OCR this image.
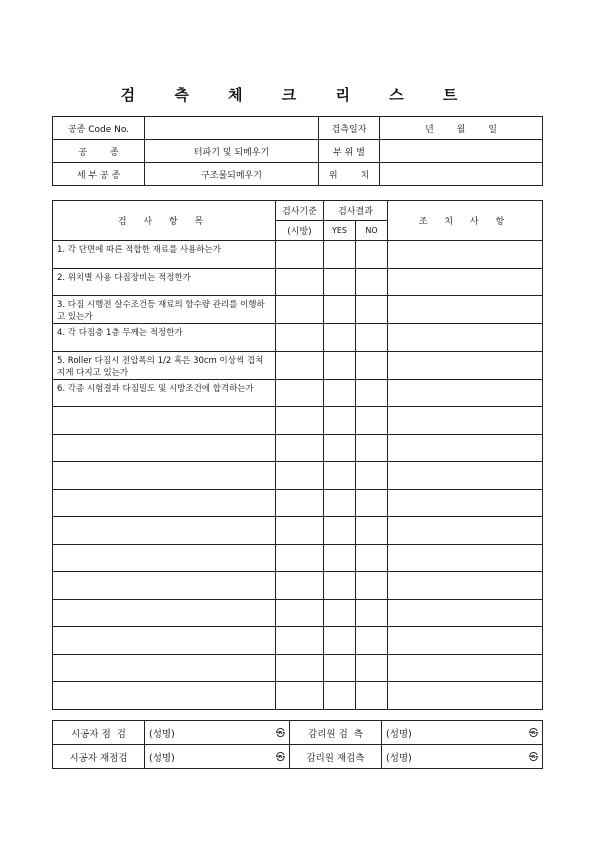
검 측 체 크 리 스 트
공종 Code No.		검측일자	년        월        일
공        종	터파기 및 되메우기	부 위 별	
세 부 공 종	구조물되메우기	위        치	
검 사 항 목	검사기준	검사결과		조 치 사 항
	(시방)	YES	NO	
1. 각 단면에 따른 적합한 재료를 사용하는가				
2. 위치별 사용 다짐장비는 적정한가				
3. 다짐 시행전 살수조건등 재료의 함수량 관리를 이행하고 있는가				
4. 각 다짐층 1층 두께는 적정한가				
5. Roller 다짐시 전압폭의 1/2 혹은 30cm 이상씩 겹쳐지게 다지고 있는가				
6. 각종 시험결과 다짐밀도 및 시방조건에 합격하는가				

시공자 점  검	(성명) ㉿	감리원 검  측	(성명) ㉿

시공자 재점검	(성명) ㉿	감리원 재검측	(성명) ㉿
